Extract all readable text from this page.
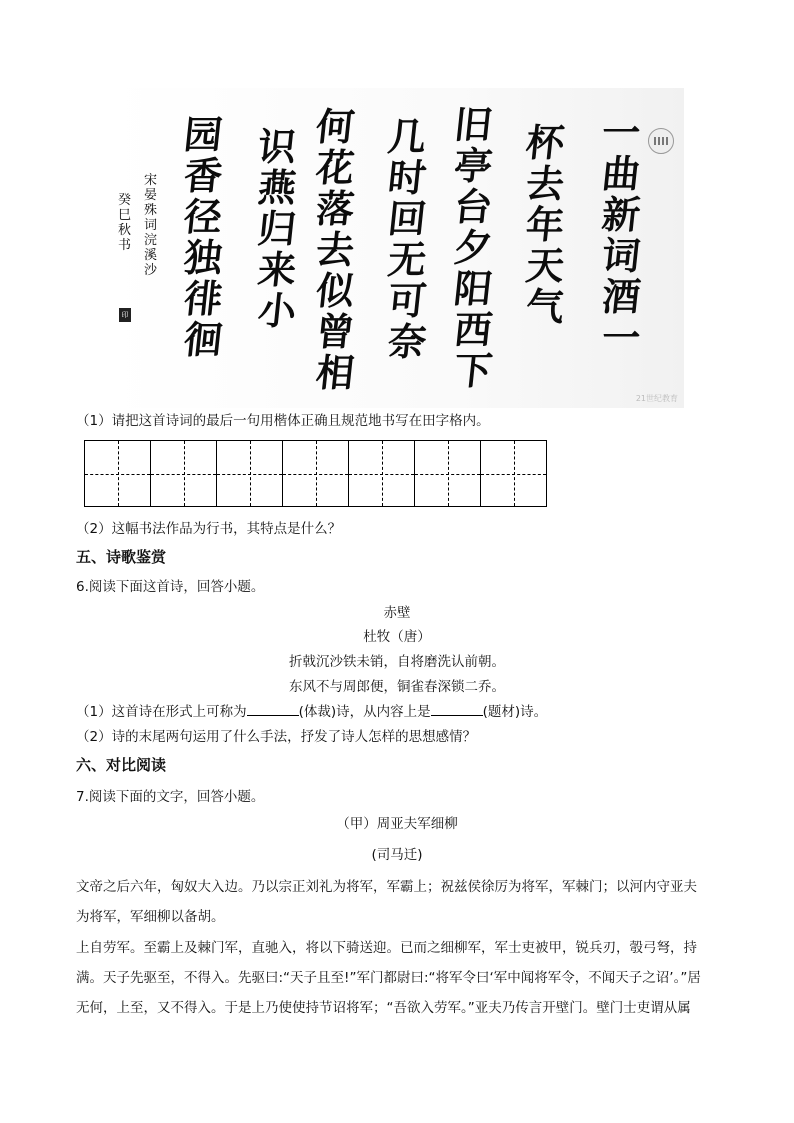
一
曲
新
词
酒
一
杯
去
年
天
气
旧
亭
台
夕
阳
西
下
几
时
回
无
可
奈
何
花
落
去
似
曾
相
识
燕
归
来
小
园
香
径
独
徘
徊
宋
晏
殊
词
浣
溪
沙
癸
巳
秋
书
印
21世纪教育
（1）请把这首诗词的最后一句用楷体正确且规范地书写在田字格内。
（2）这幅书法作品为行书，其特点是什么？
五、诗歌鉴赏
6.阅读下面这首诗，回答小题。
赤壁
杜牧（唐）
折戟沉沙铁未销，自将磨洗认前朝。
东风不与周郎便，铜雀春深锁二乔。
（1）这首诗在形式上可称为	(体裁)诗，从内容上是	(题材)诗。
（2）诗的末尾两句运用了什么手法，抒发了诗人怎样的思想感情？
六、对比阅读
7.阅读下面的文字，回答小题。
（甲）周亚夫军细柳
(司马迁)
文帝之后六年，匈奴大入边。乃以宗正刘礼为将军，军霸上；祝兹侯徐厉为将军，军棘门；以河内守亚夫
为将军，军细柳以备胡。
上自劳军。至霸上及棘门军，直驰入，将以下骑送迎。已而之细柳军，军士吏被甲，锐兵刃，彀弓弩，持
满。天子先驱至，不得入。先驱曰:“天子且至!”军门都尉曰:“将军令曰‘军中闻将军令，不闻天子之诏’。”居
无何，上至，又不得入。于是上乃使使持节诏将军；“吾欲入劳军。”亚夫乃传言开壁门。壁门士吏谓从属
